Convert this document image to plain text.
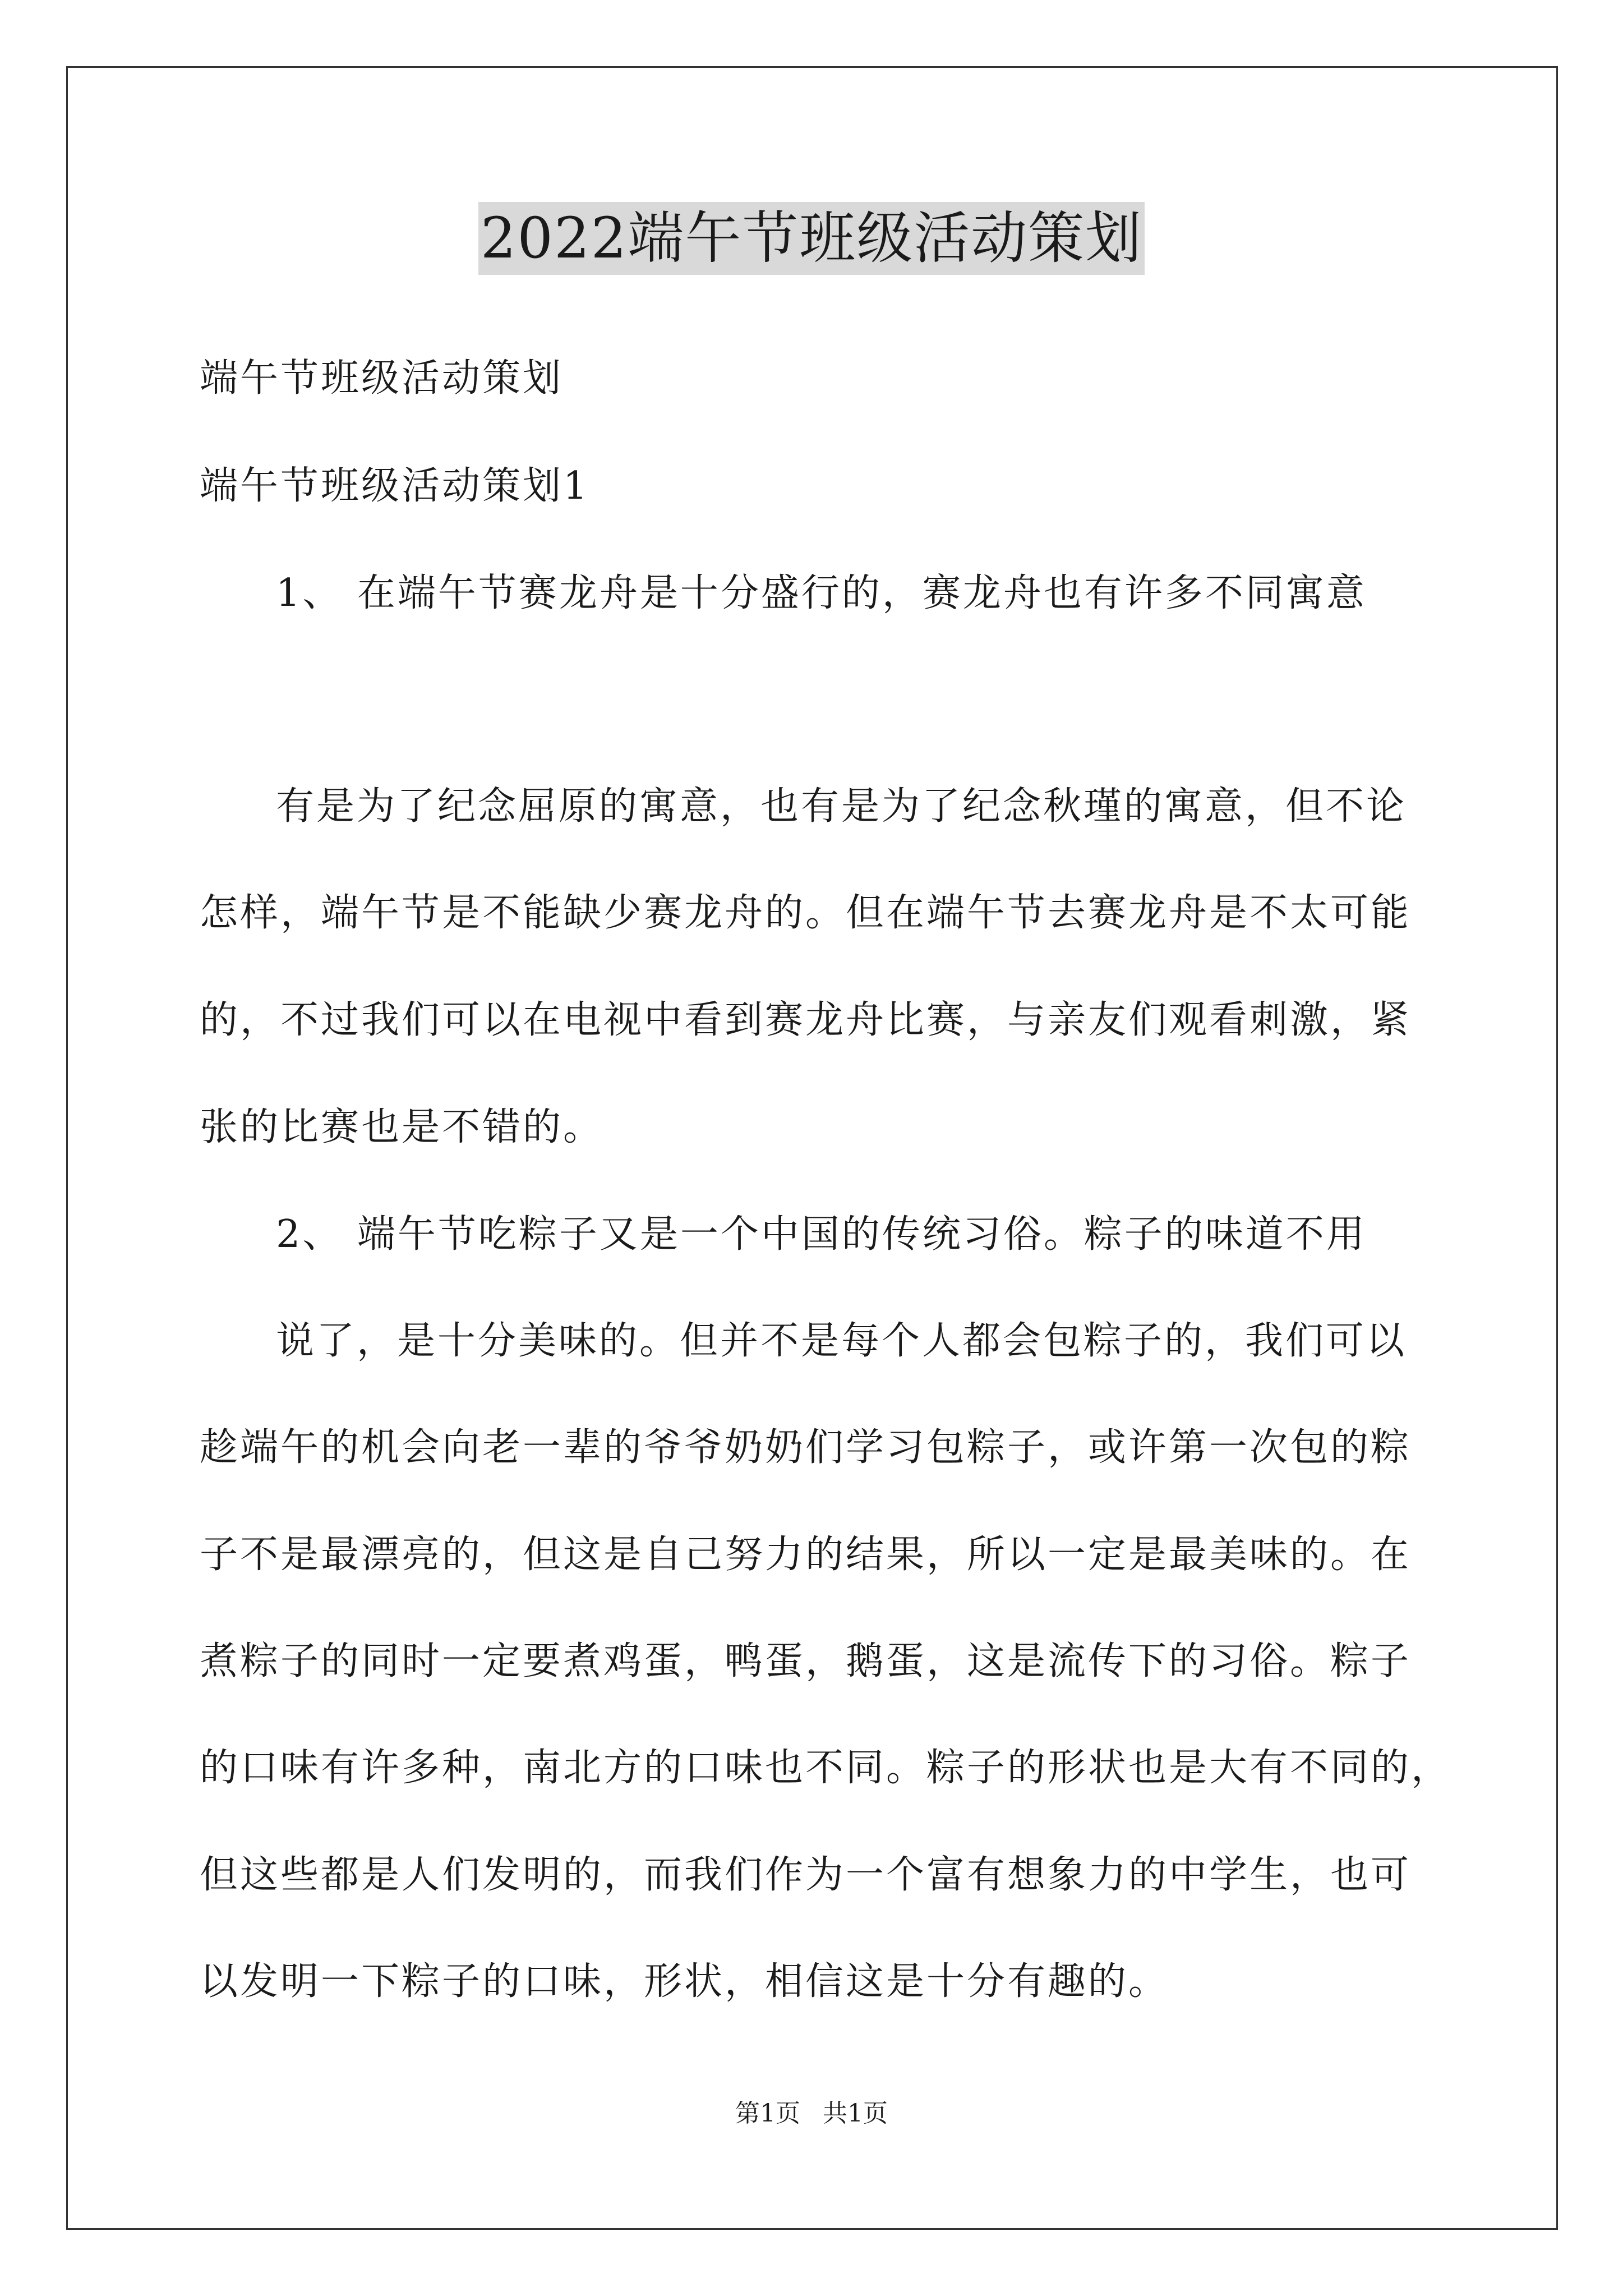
2022端午节班级活动策划
端午节班级活动策划
端午节班级活动策划1
1、 在端午节赛龙舟是十分盛行的，赛龙舟也有许多不同寓意
有是为了纪念屈原的寓意，也有是为了纪念秋瑾的寓意，但不论
怎样，端午节是不能缺少赛龙舟的。但在端午节去赛龙舟是不太可能
的，不过我们可以在电视中看到赛龙舟比赛，与亲友们观看刺激，紧
张的比赛也是不错的。
2、 端午节吃粽子又是一个中国的传统习俗。粽子的味道不用
说了，是十分美味的。但并不是每个人都会包粽子的，我们可以
趁端午的机会向老一辈的爷爷奶奶们学习包粽子，或许第一次包的粽
子不是最漂亮的，但这是自己努力的结果，所以一定是最美味的。在
煮粽子的同时一定要煮鸡蛋，鸭蛋，鹅蛋，这是流传下的习俗。粽子
的口味有许多种，南北方的口味也不同。粽子的形状也是大有不同的，
但这些都是人们发明的，而我们作为一个富有想象力的中学生，也可
以发明一下粽子的口味，形状，相信这是十分有趣的。
第1页 共1页
